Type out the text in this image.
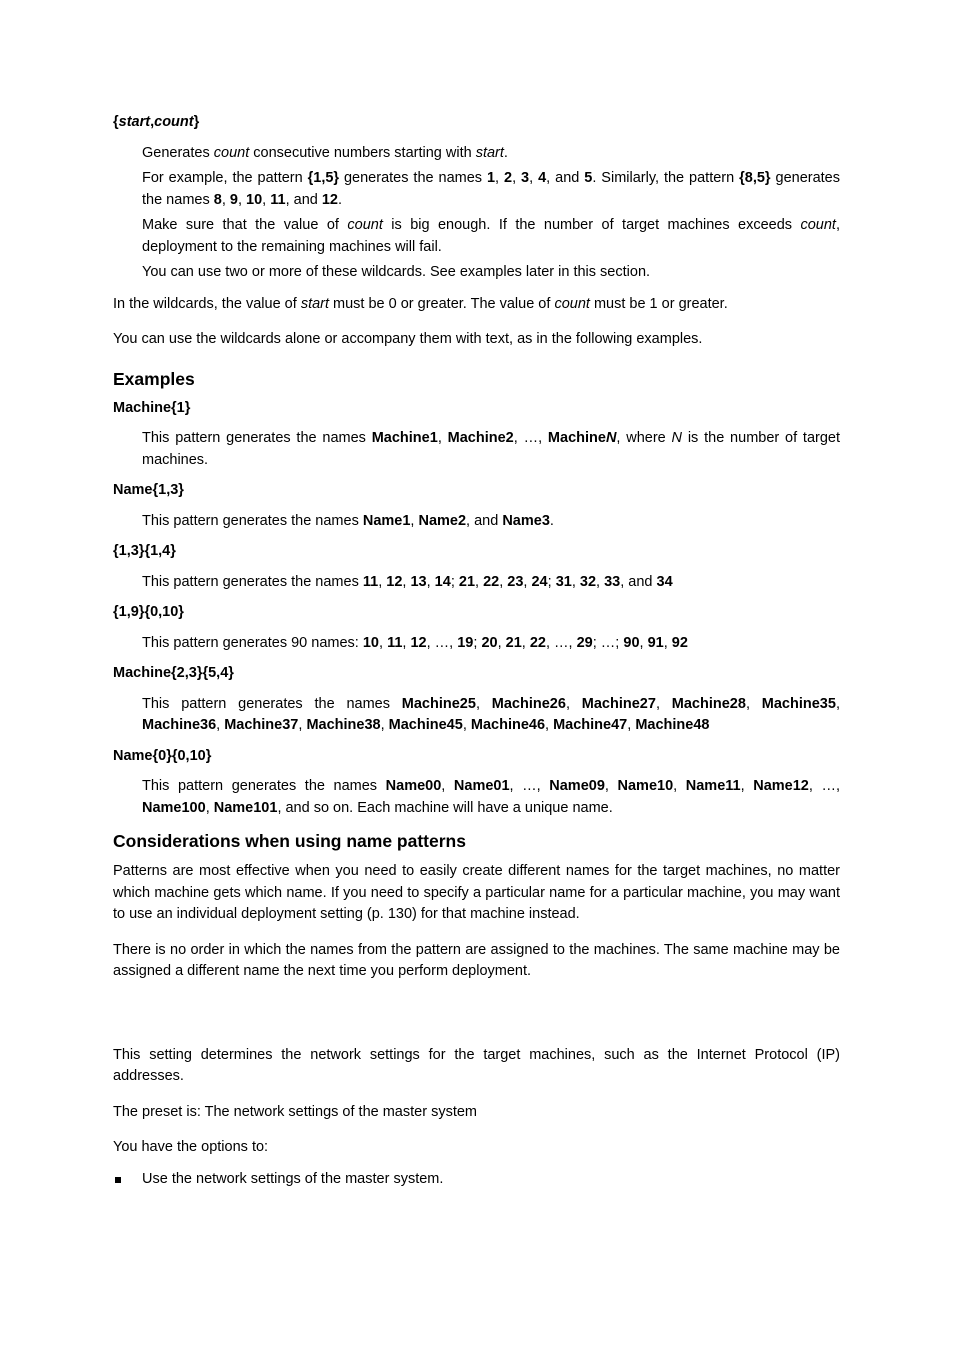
{start,count}

Generates count consecutive numbers starting with start.

For example, the pattern {1,5} generates the names 1, 2, 3, 4, and 5. Similarly, the pattern {8,5} generates the names 8, 9, 10, 11, and 12.

Make sure that the value of count is big enough. If the number of target machines exceeds count, deployment to the remaining machines will fail.

You can use two or more of these wildcards. See examples later in this section.

In the wildcards, the value of start must be 0 or greater. The value of count must be 1 or greater.

You can use the wildcards alone or accompany them with text, as in the following examples.

Examples

Machine{1}

This pattern generates the names Machine1, Machine2, …, MachineN, where N is the number of target machines.

Name{1,3}

This pattern generates the names Name1, Name2, and Name3.

{1,3}{1,4}

This pattern generates the names 11, 12, 13, 14; 21, 22, 23, 24; 31, 32, 33, and 34

{1,9}{0,10}

This pattern generates 90 names: 10, 11, 12, …, 19; 20, 21, 22, …, 29; …; 90, 91, 92

Machine{2,3}{5,4}

This pattern generates the names Machine25, Machine26, Machine27, Machine28, Machine35, Machine36, Machine37, Machine38, Machine45, Machine46, Machine47, Machine48

Name{0}{0,10}

This pattern generates the names Name00, Name01, …, Name09, Name10, Name11, Name12, …, Name100, Name101, and so on. Each machine will have a unique name.

Considerations when using name patterns

Patterns are most effective when you need to easily create different names for the target machines, no matter which machine gets which name. If you need to specify a particular name for a particular machine, you may want to use an individual deployment setting (p. 130) for that machine instead.

There is no order in which the names from the pattern are assigned to the machines. The same machine may be assigned a different name the next time you perform deployment.

This setting determines the network settings for the target machines, such as the Internet Protocol (IP) addresses.

The preset is: The network settings of the master system

You have the options to:

Use the network settings of the master system.
